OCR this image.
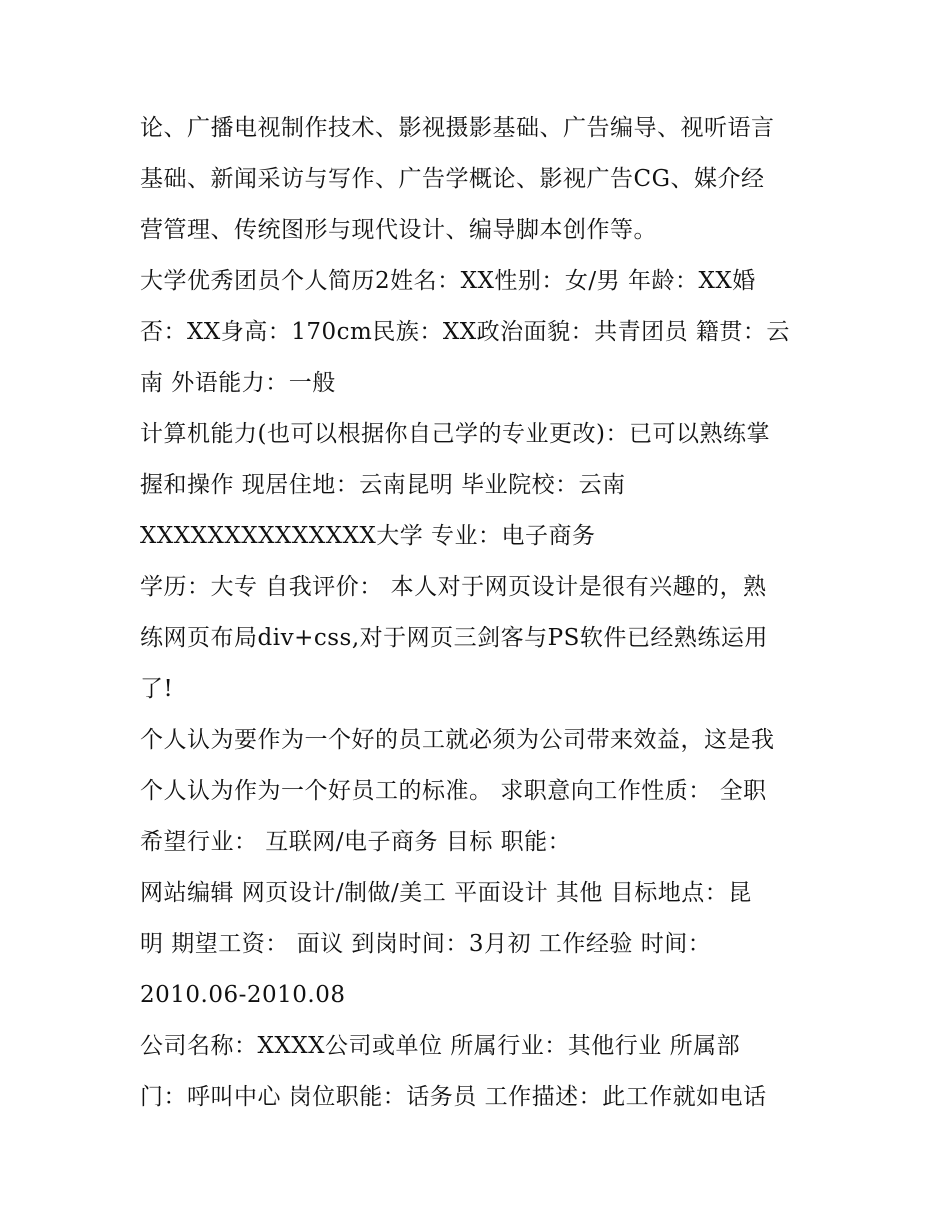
论、广播电视制作技术、影视摄影基础、广告编导、视听语言
基础、新闻采访与写作、广告学概论、影视广告CG、媒介经
营管理、传统图形与现代设计、编导脚本创作等。
大学优秀团员个人简历2姓名：XX性别：女/男 年龄：XX婚
否：XX身高：170cm民族：XX政治面貌：共青团员 籍贯：云
南 外语能力：一般
计算机能力(也可以根据你自己学的专业更改)：已可以熟练掌
握和操作 现居住地：云南昆明 毕业院校：云南
XXXXXXXXXXXXXX大学 专业：电子商务
学历：大专 自我评价： 本人对于网页设计是很有兴趣的，熟
练网页布局div+css,对于网页三剑客与PS软件已经熟练运用
了!
个人认为要作为一个好的员工就必须为公司带来效益，这是我
个人认为作为一个好员工的标准。 求职意向工作性质： 全职
希望行业： 互联网/电子商务 目标 职能：
网站编辑 网页设计/制做/美工 平面设计 其他 目标地点：昆
明 期望工资： 面议 到岗时间：3月初 工作经验 时间：
2010.06-2010.08
公司名称：XXXX公司或单位 所属行业：其他行业 所属部
门：呼叫中心 岗位职能：话务员 工作描述：此工作就如电话
